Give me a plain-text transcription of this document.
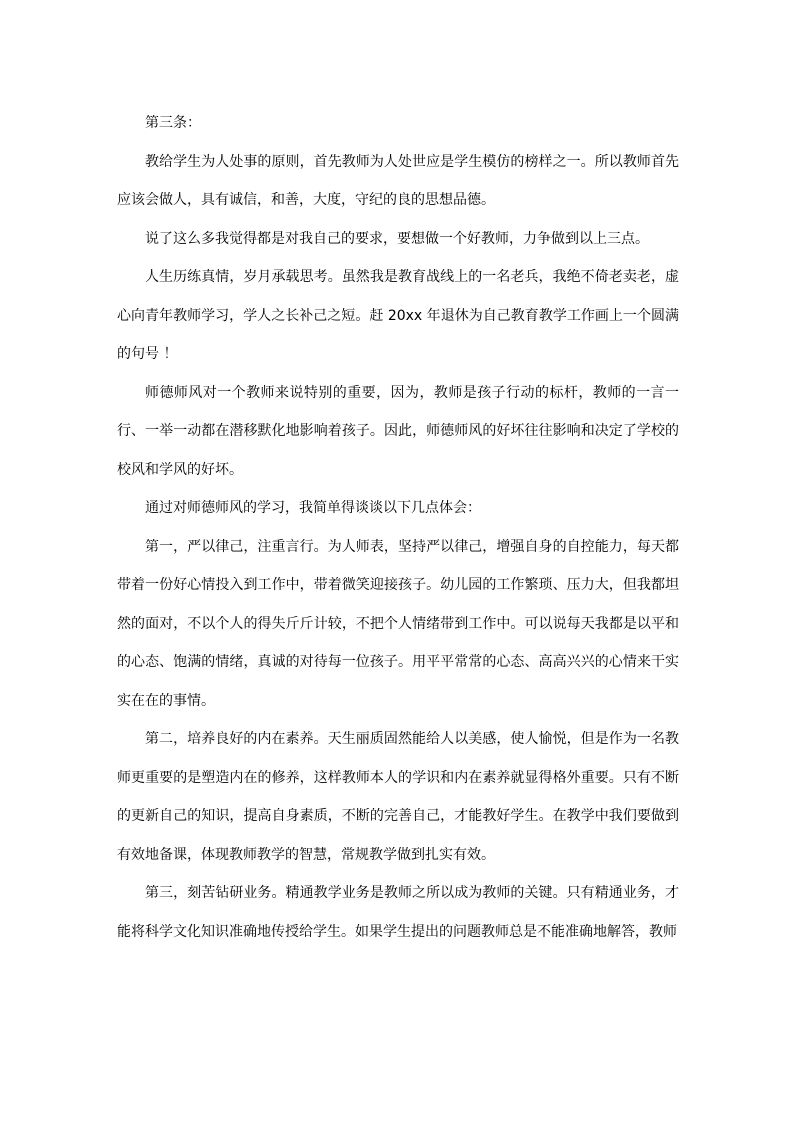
第三条：

教给学生为人处事的原则，首先教师为人处世应是学生模仿的榜样之一。所以教师首先应该会做人，具有诚信，和善，大度，守纪的良的思想品德。

说了这么多我觉得都是对我自己的要求，要想做一个好教师，力争做到以上三点。

人生历练真情，岁月承载思考。虽然我是教育战线上的一名老兵，我绝不倚老卖老，虚心向青年教师学习，学人之长补己之短。赶 20xx 年退休为自己教育教学工作画上一个圆满的句号 ！

师德师风对一个教师来说特别的重要，因为，教师是孩子行动的标杆，教师的一言一行、一举一动都在潜移默化地影响着孩子。因此，师德师风的好坏往往影响和决定了学校的校风和学风的好坏。

通过对师德师风的学习，我简单得谈谈以下几点体会：

第一，严以律己，注重言行。为人师表，坚持严以律己，增强自身的自控能力，每天都带着一份好心情投入到工作中，带着微笑迎接孩子。幼儿园的工作繁琐、压力大，但我都坦然的面对，不以个人的得失斤斤计较，不把个人情绪带到工作中。可以说每天我都是以平和的心态、饱满的情绪，真诚的对待每一位孩子。用平平常常的心态、高高兴兴的心情来干实实在在的事情。

第二，培养良好的内在素养。天生丽质固然能给人以美感，使人愉悦，但是作为一名教师更重要的是塑造内在的修养，这样教师本人的学识和内在素养就显得格外重要。只有不断的更新自己的知识，提高自身素质，不断的完善自己，才能教好学生。在教学中我们要做到有效地备课，体现教师教学的智慧，常规教学做到扎实有效。

第三，刻苦钻研业务。精通教学业务是教师之所以成为教师的关键。只有精通业务，才能将科学文化知识准确地传授给学生。如果学生提出的问题教师总是不能准确地解答，教师
